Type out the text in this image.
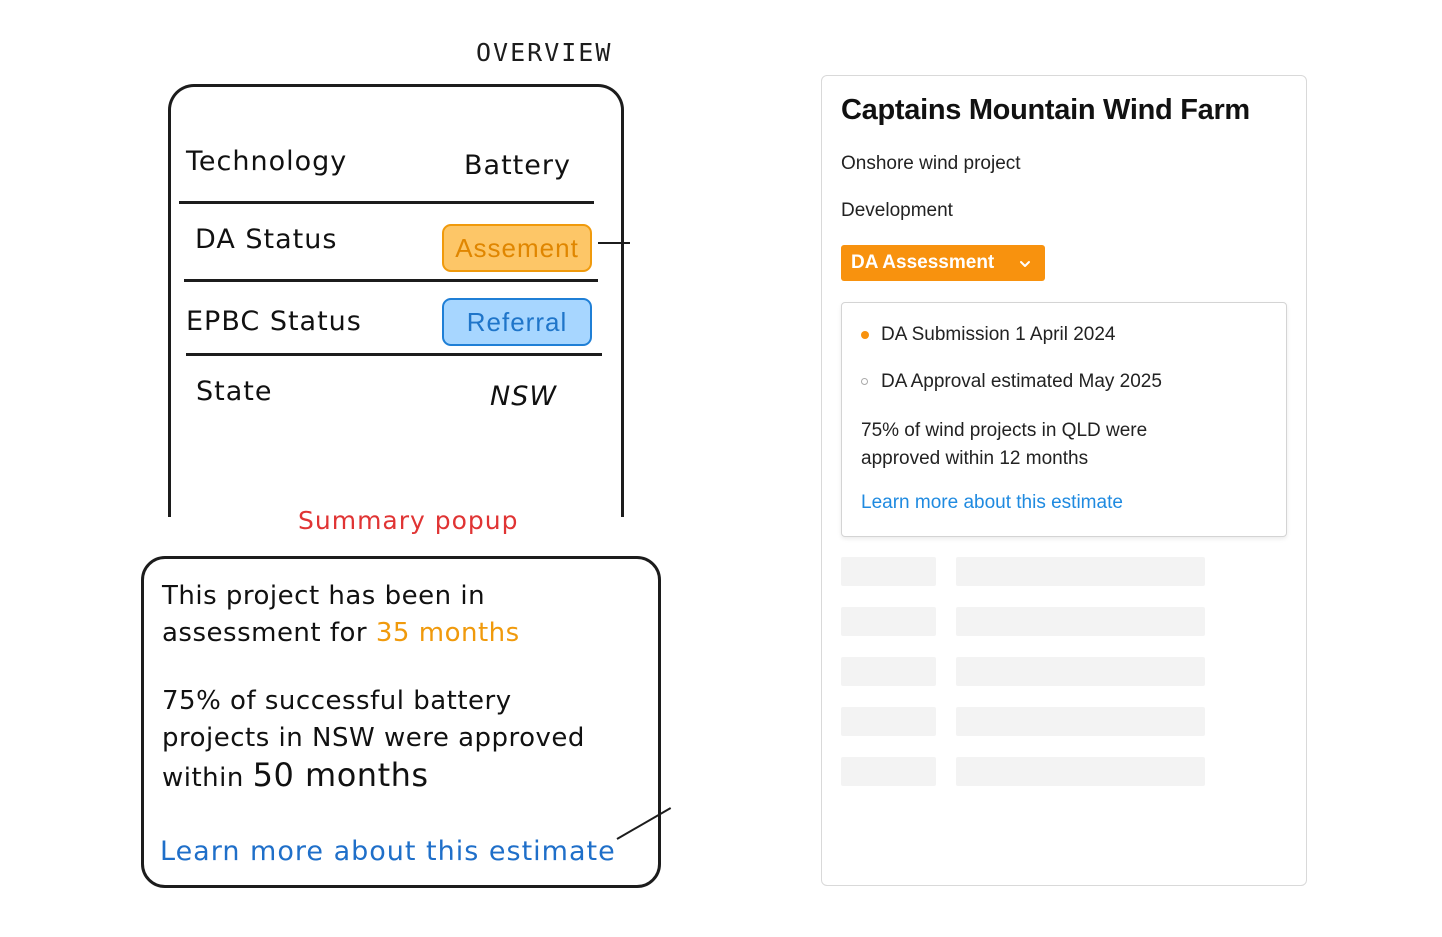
OVERVIEW
Technology	Battery
DA Status	Assement
EPBC Status	Referral
State	NSW
Summary popup
This project has been in
assessment for 35 months
75% of successful battery
projects in NSW were approved
within 50 months
Learn more about this estimate
Captains Mountain Wind Farm
Onshore wind project
Development
DA Assessment
DA Submission 1 April 2024
DA Approval estimated May 2025
75% of wind projects in QLD were approved within 12 months
Learn more about this estimate
